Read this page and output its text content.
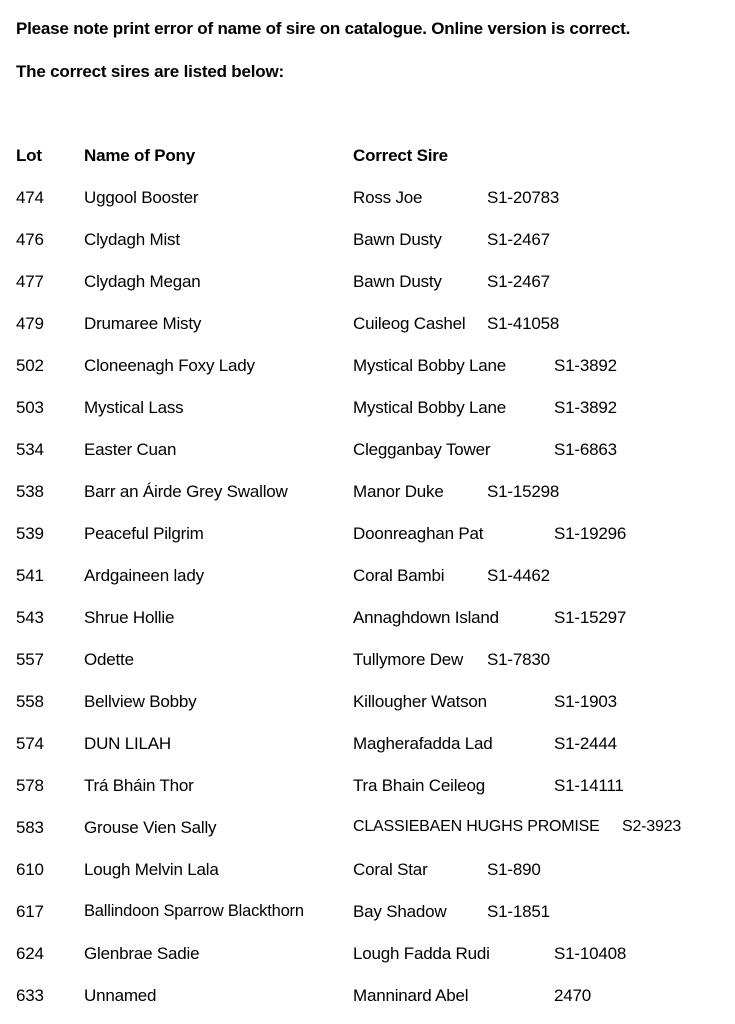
Please note print error of name of sire on catalogue. Online version is correct.
The correct sires are listed below:
Lot Name of Pony	Correct Sire
474 Uggool Booster	Ross Joe	S1-20783
476 Clydagh Mist	Bawn Dusty	S1-2467
477 Clydagh Megan	Bawn Dusty	S1-2467
479 Drumaree Misty	Cuileog Cashel S1-41058
502 Cloneenagh Foxy Lady	Mystical Bobby Lane	S1-3892
503 Mystical Lass	Mystical Bobby Lane	S1-3892
534 Easter Cuan	Clegganbay Tower	S1-6863
538 Barr an Áirde Grey Swallow	Manor Duke	S1-15298
539 Peaceful Pilgrim	Doonreaghan Pat	S1-19296
541 Ardgaineen lady	Coral Bambi	S1-4462
543 Shrue Hollie	Annaghdown Island	S1-15297
557 Odette	Tullymore Dew S1-7830
558 Bellview Bobby	Killougher Watson	S1-1903
574 DUN LILAH	Magherafadda Lad	S1-2444
578 Trá Bháin Thor	Tra Bhain Ceileog	S1-14111
583 Grouse Vien Sally	CLASSIEBAEN HUGHS PROMISE S2-3923
610 Lough Melvin Lala	Coral Star	S1-890
617 Ballindoon Sparrow Blackthorn	Bay Shadow S1-1851
624 Glenbrae Sadie	Lough Fadda Rudi	S1-10408
633 Unnamed	Manninard Abel	2470
